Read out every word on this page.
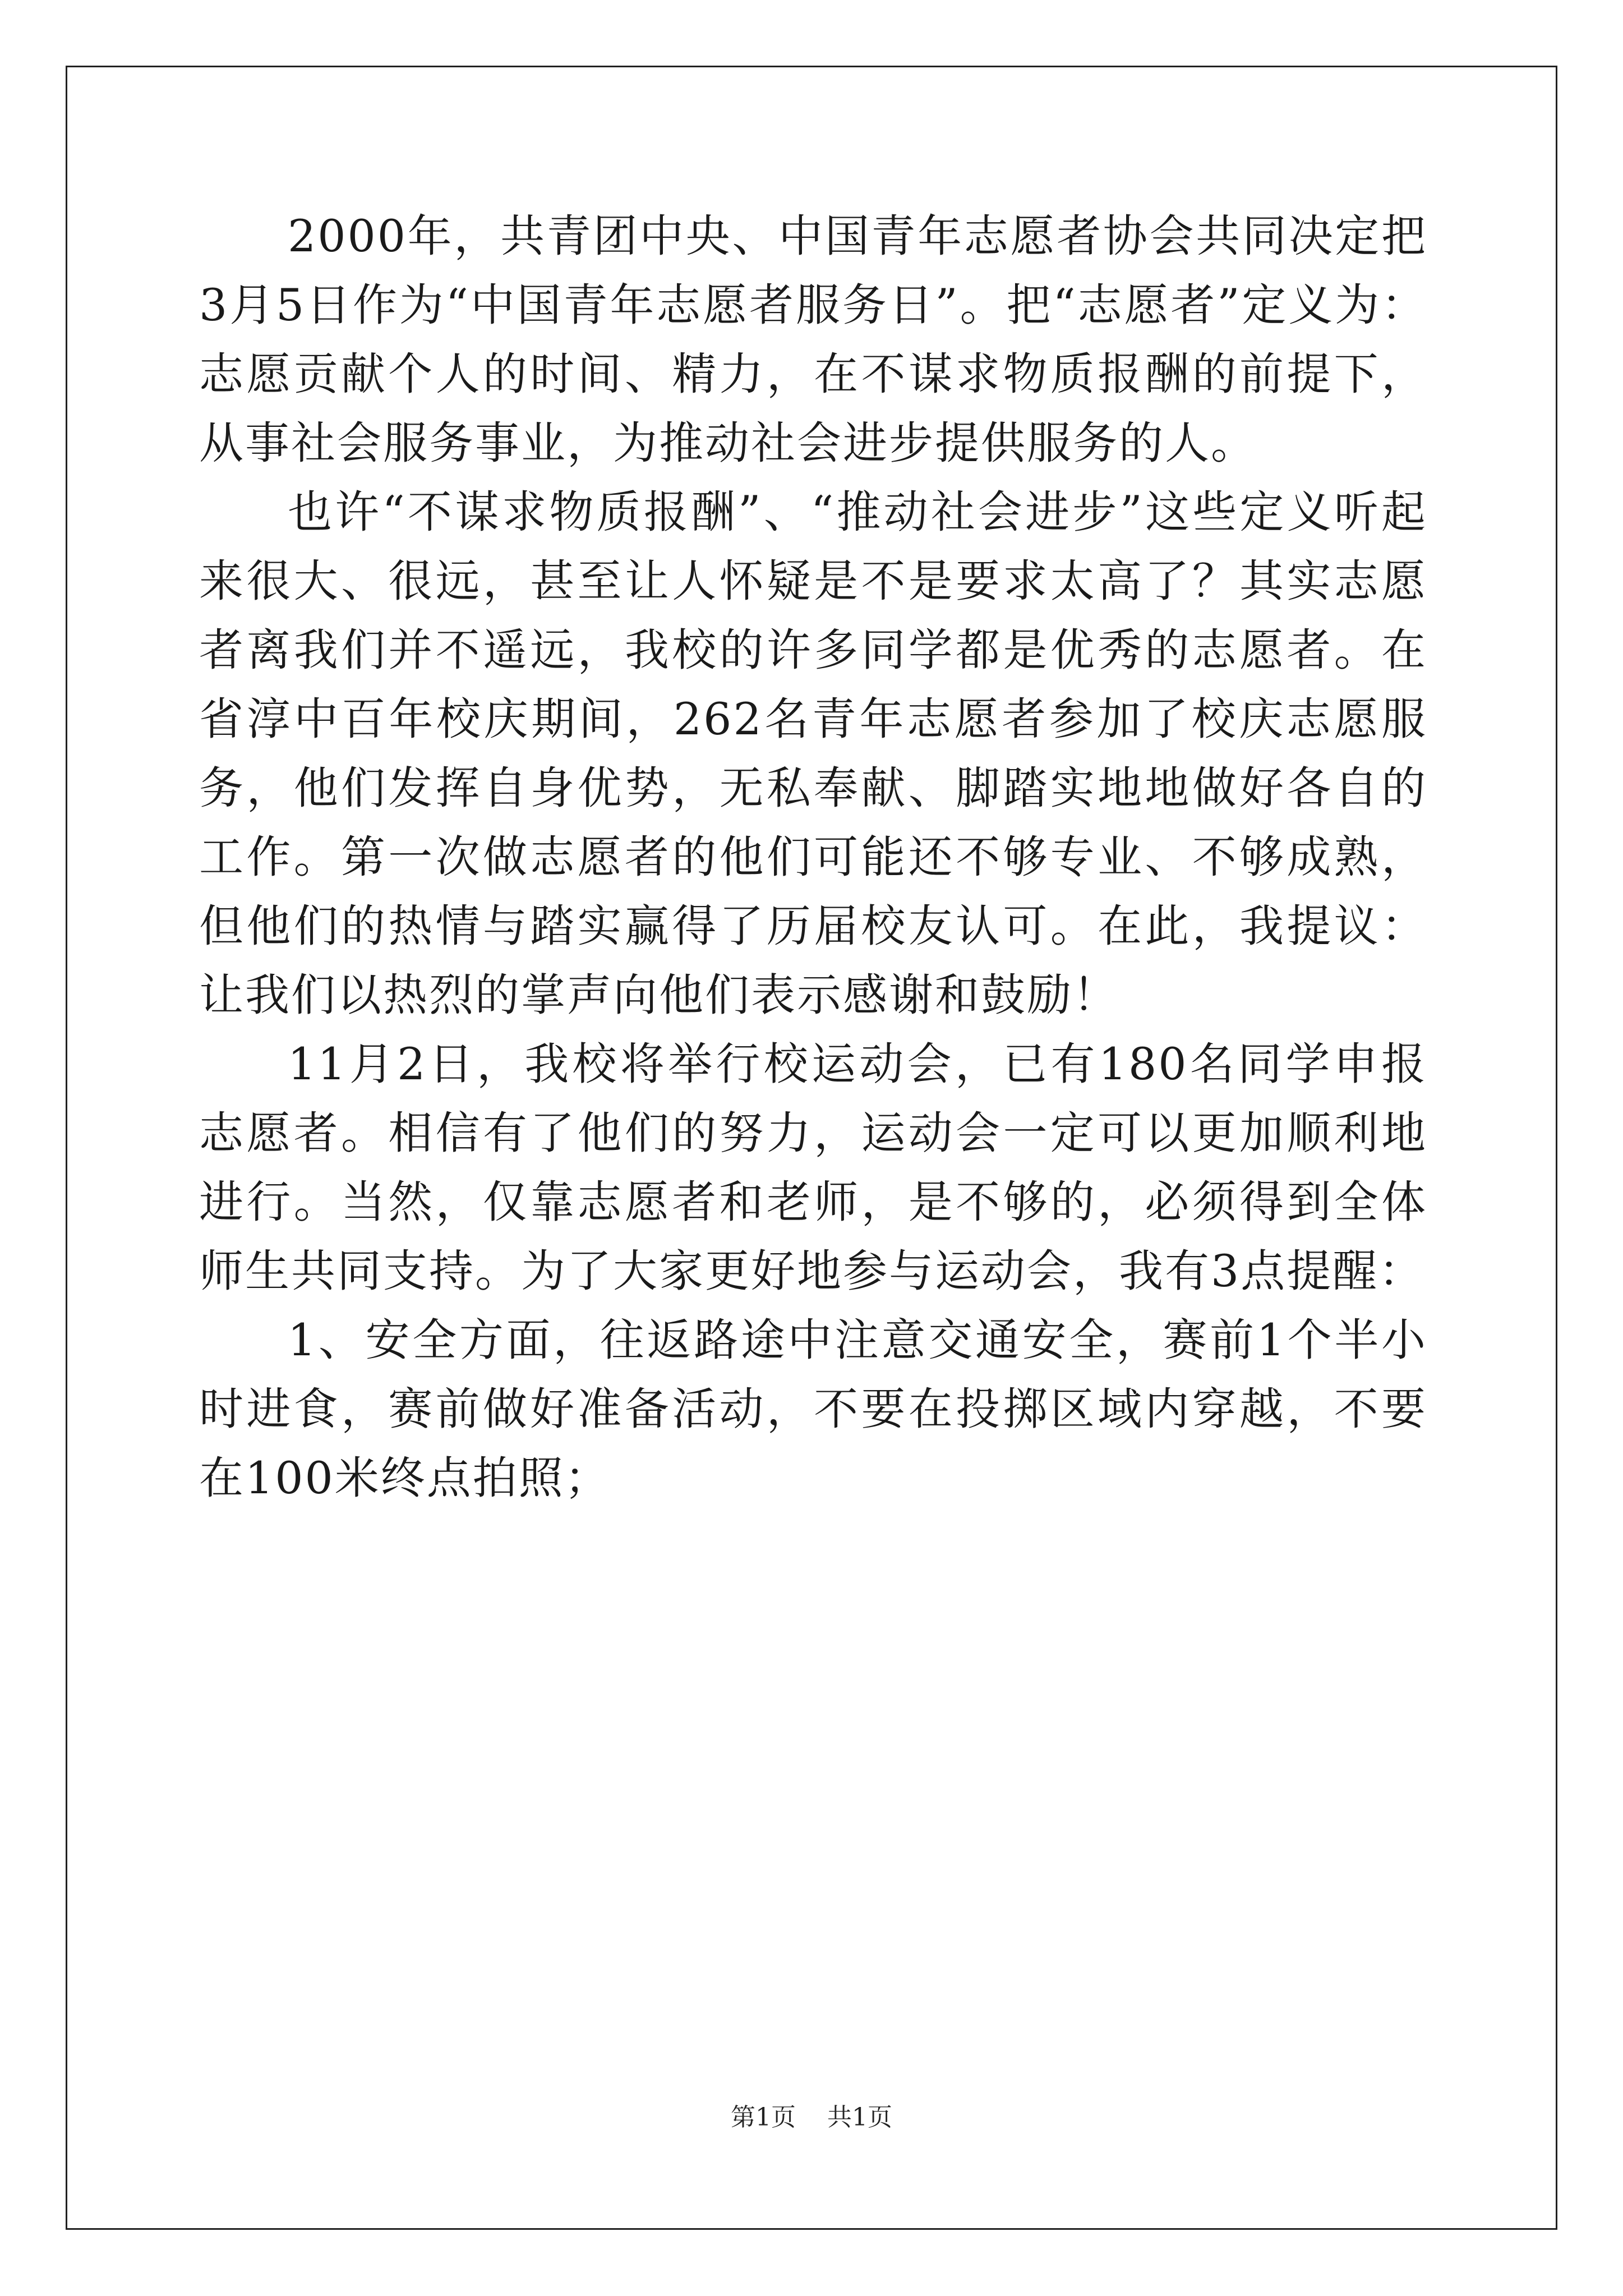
2000年，共青团中央、中国青年志愿者协会共同决定把3月5日作为“中国青年志愿者服务日”。把“志愿者”定义为：志愿贡献个人的时间、精力，在不谋求物质报酬的前提下，从事社会服务事业，为推动社会进步提供服务的人。

也许“不谋求物质报酬”、“推动社会进步”这些定义听起来很大、很远，甚至让人怀疑是不是要求太高了？其实志愿者离我们并不遥远，我校的许多同学都是优秀的志愿者。在省淳中百年校庆期间，262名青年志愿者参加了校庆志愿服务，他们发挥自身优势，无私奉献、脚踏实地地做好各自的工作。第一次做志愿者的他们可能还不够专业、不够成熟，但他们的热情与踏实赢得了历届校友认可。在此，我提议：让我们以热烈的掌声向他们表示感谢和鼓励！

11月2日，我校将举行校运动会，已有180名同学申报志愿者。相信有了他们的努力，运动会一定可以更加顺利地进行。当然，仅靠志愿者和老师，是不够的，必须得到全体师生共同支持。为了大家更好地参与运动会，我有3点提醒：

1、安全方面，往返路途中注意交通安全，赛前1个半小时进食，赛前做好准备活动，不要在投掷区域内穿越，不要在100米终点拍照；

第1页 共1页
